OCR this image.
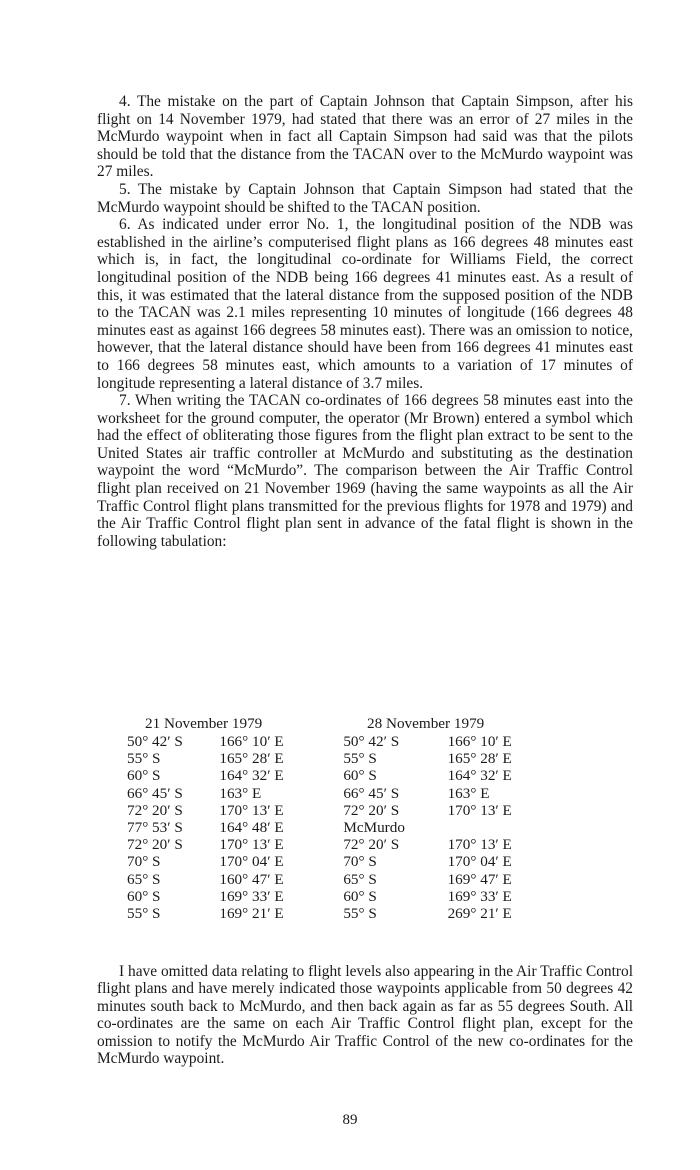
4. The mistake on the part of Captain Johnson that Captain Simpson, after his flight on 14 November 1979, had stated that there was an error of 27 miles in the McMurdo waypoint when in fact all Captain Simpson had said was that the pilots should be told that the distance from the TACAN over to the McMurdo waypoint was 27 miles.

5. The mistake by Captain Johnson that Captain Simpson had stated that the McMurdo waypoint should be shifted to the TACAN position.

6. As indicated under error No. 1, the longitudinal position of the NDB was established in the airline’s computerised flight plans as 166 degrees 48 minutes east which is, in fact, the longitudinal co-ordinate for Williams Field, the correct longitudinal position of the NDB being 166 degrees 41 minutes east. As a result of this, it was estimated that the lateral distance from the supposed position of the NDB to the TACAN was 2.1 miles representing 10 minutes of longitude (166 degrees 48 minutes east as against 166 degrees 58 minutes east). There was an omission to notice, however, that the lateral distance should have been from 166 degrees 41 minutes east to 166 degrees 58 minutes east, which amounts to a variation of 17 minutes of longitude representing a lateral distance of 3.7 miles.

7. When writing the TACAN co-ordinates of 166 degrees 58 minutes east into the worksheet for the ground computer, the operator (Mr Brown) entered a symbol which had the effect of obliterating those figures from the flight plan extract to be sent to the United States air traffic controller at McMurdo and substituting as the destination waypoint the word “McMurdo”. The comparison between the Air Traffic Control flight plan received on 21 November 1969 (having the same waypoints as all the Air Traffic Control flight plans transmitted for the previous flights for 1978 and 1979) and the Air Traffic Control flight plan sent in advance of the fatal flight is shown in the following tabulation:

21 November 1979	28 November 1979
50° 42′ S	166° 10′ E	50° 42′ S	166° 10′ E
55° S	165° 28′ E	55° S	165° 28′ E
60° S	164° 32′ E	60° S	164° 32′ E
66° 45′ S	163° E	66° 45′ S	163° E
72° 20′ S	170° 13′ E	72° 20′ S	170° 13′ E
77° 53′ S	164° 48′ E	McMurdo	
72° 20′ S	170° 13′ E	72° 20′ S	170° 13′ E
70° S	170° 04′ E	70° S	170° 04′ E
65° S	160° 47′ E	65° S	169° 47′ E
60° S	169° 33′ E	60° S	169° 33′ E
55° S	169° 21′ E	55° S	269° 21′ E

I have omitted data relating to flight levels also appearing in the Air Traffic Control flight plans and have merely indicated those waypoints applicable from 50 degrees 42 minutes south back to McMurdo, and then back again as far as 55 degrees South. All co-ordinates are the same on each Air Traffic Control flight plan, except for the omission to notify the McMurdo Air Traffic Control of the new co-ordinates for the McMurdo waypoint.

89
